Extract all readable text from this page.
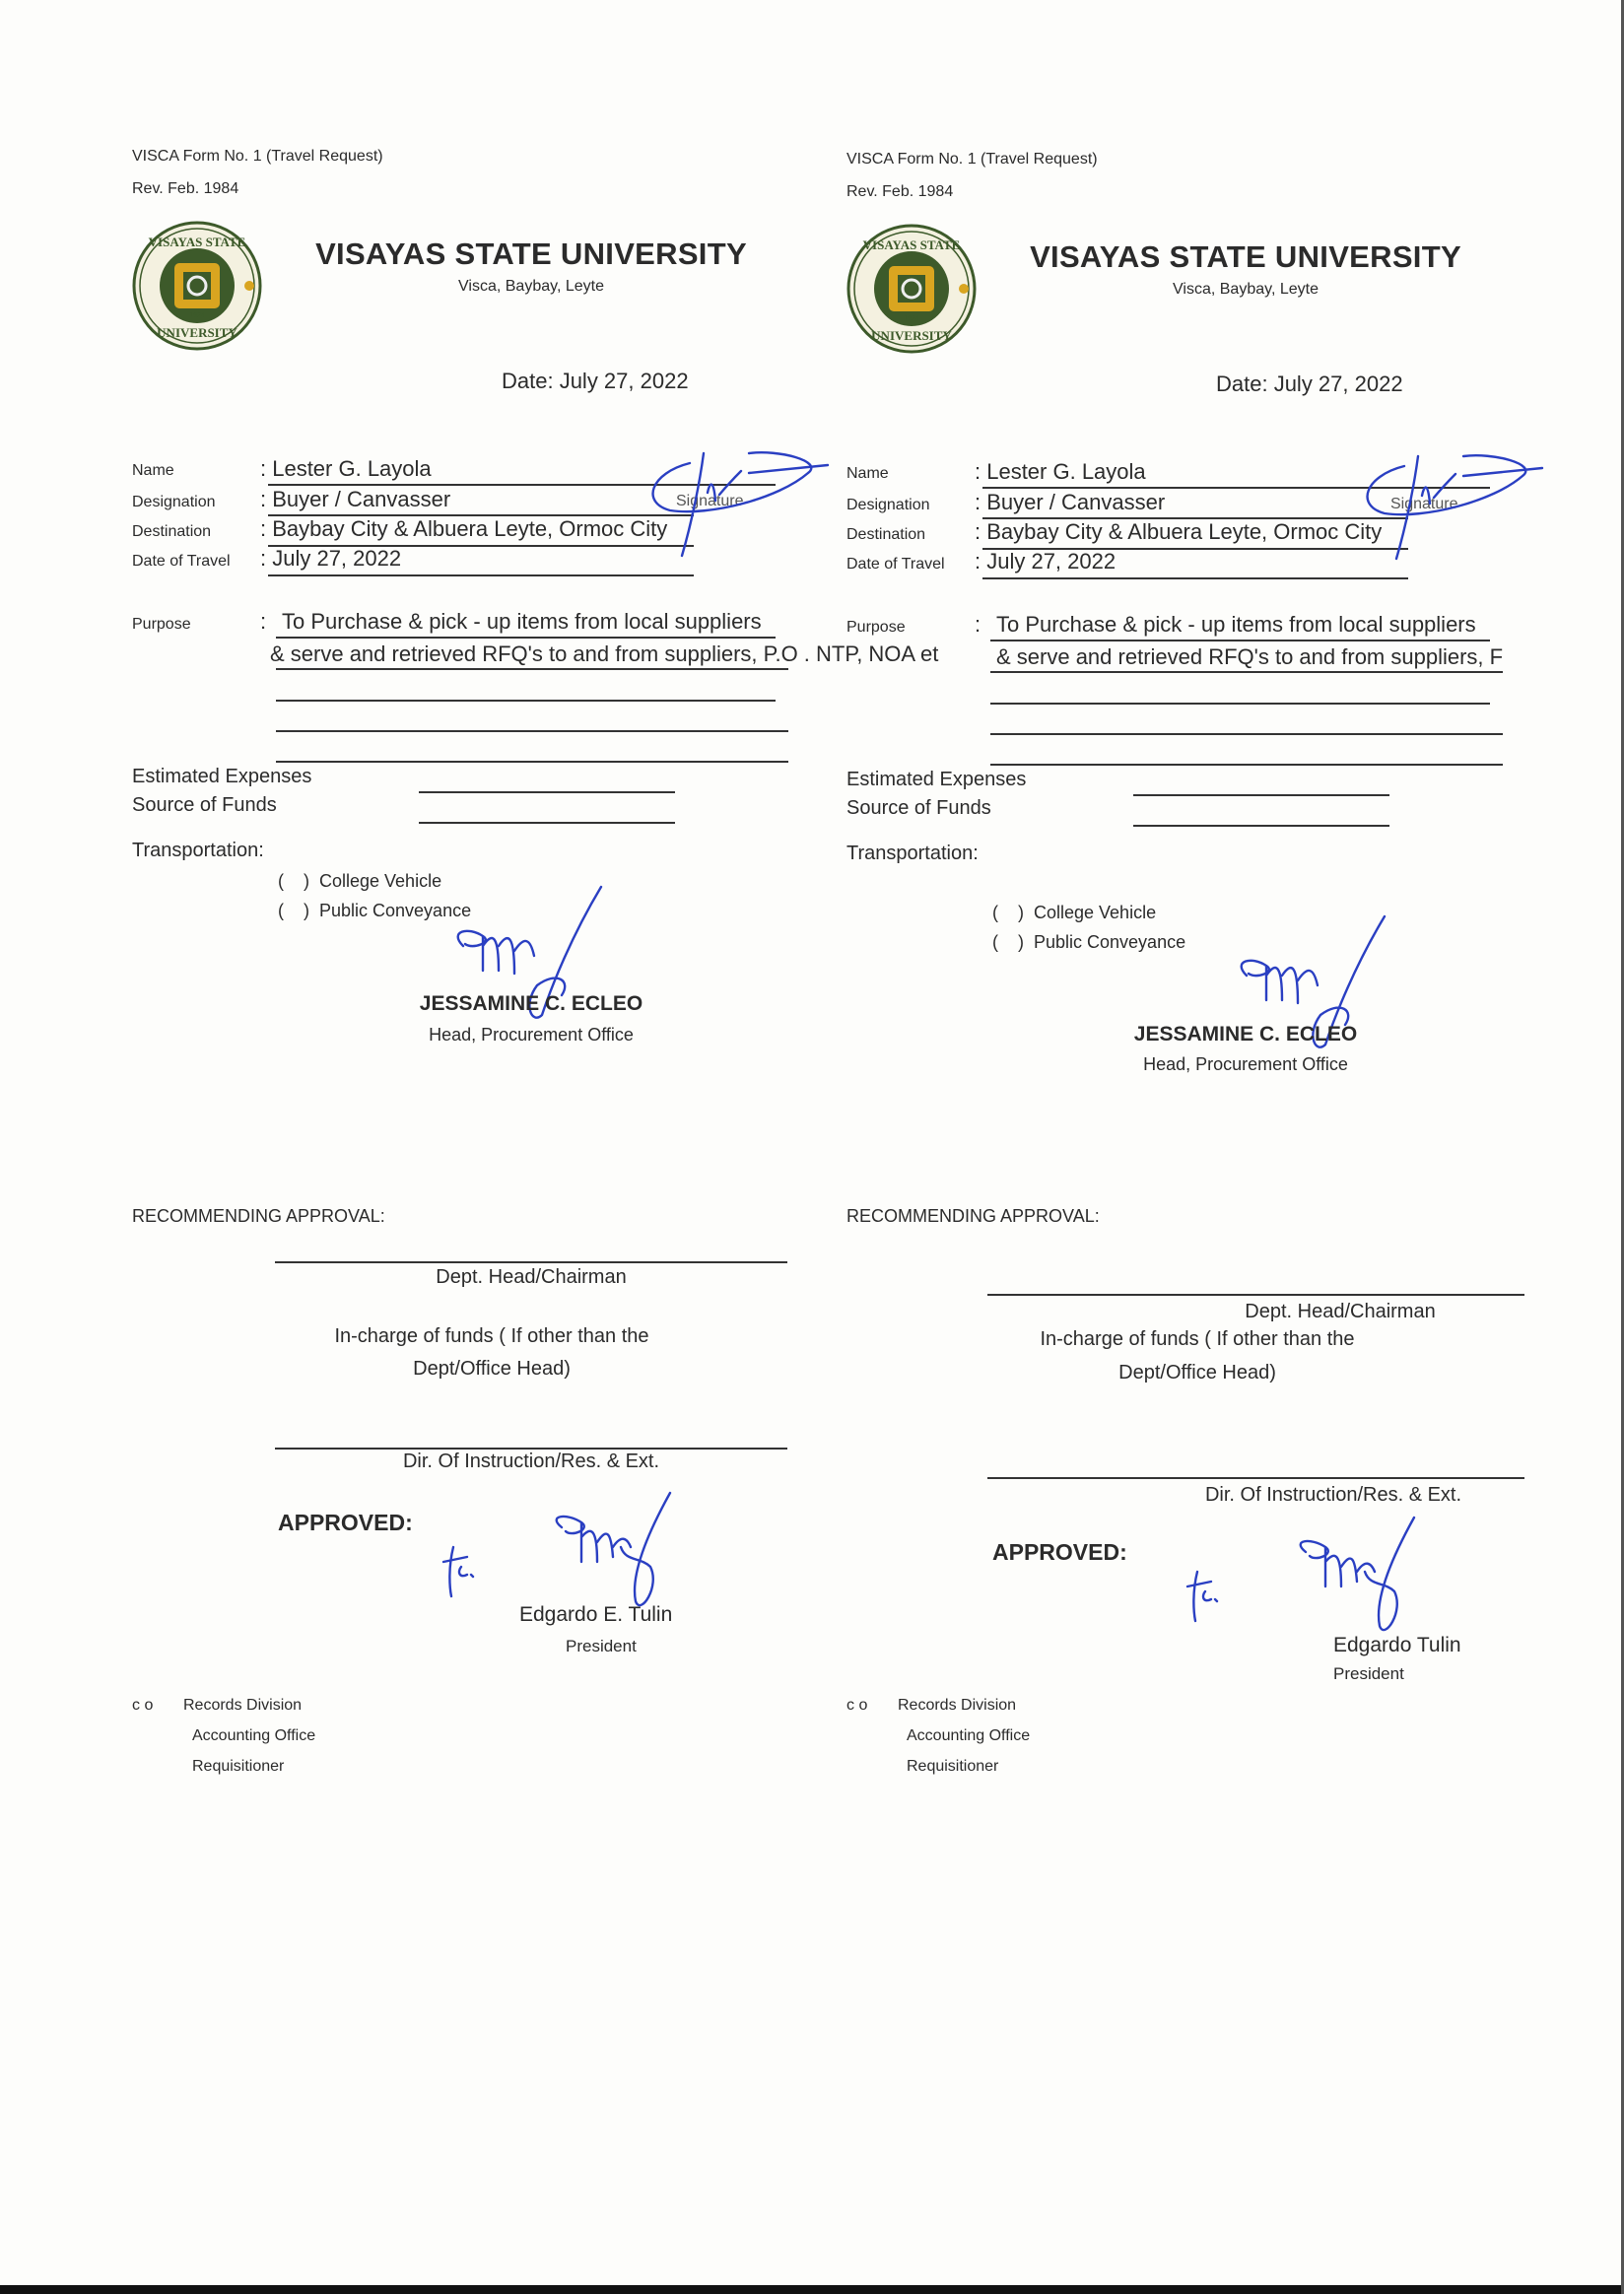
VISCA Form No. 1 (Travel Request)
Rev. Feb. 1984
VISAYAS STATE
UNIVERSITY
1924
VISAYAS STATE UNIVERSITY
Visca, Baybay, Leyte
Date: July 27, 2022
Name	: Lester G. Layola
Designation : Buyer / Canvasser	Signature
Destination : Baybay City & Albuera Leyte, Ormoc City
Date of Travel : July 27, 2022
Purpose	: To Purchase & pick - up items from local suppliers
& serve and retrieved RFQ's to and from suppliers, P.O . NTP, NOA et
Estimated Expenses
Source of Funds
Transportation:
(    )  College Vehicle
(    )  Public Conveyance
JESSAMINE C. ECLEO
Head, Procurement Office
RECOMMENDING APPROVAL:
Dept. Head/Chairman
In-charge of funds ( If other than the
Dept/Office Head)
Dir. Of Instruction/Res. & Ext.
APPROVED:
Edgardo E. Tulin
President
c o Records Division
Accounting Office
Requisitioner
VISCA Form No. 1 (Travel Request)
Rev. Feb. 1984
VISAYAS STATE
UNIVERSITY
1924
VISAYAS STATE UNIVERSITY
Visca, Baybay, Leyte
Date: July 27, 2022
Name	: Lester G. Layola
Designation : Buyer / Canvasser	Signature
Destination : Baybay City & Albuera Leyte, Ormoc City
Date of Travel : July 27, 2022
Purpose	: To Purchase & pick - up items from local suppliers
& serve and retrieved RFQ's to and from suppliers, F
Estimated Expenses
Source of Funds
Transportation:
(    )  College Vehicle
(    )  Public Conveyance
JESSAMINE C. ECLEO
Head, Procurement Office
RECOMMENDING APPROVAL:
Dept. Head/Chairman
In-charge of funds ( If other than the
Dept/Office Head)
Dir. Of Instruction/Res. & Ext.
APPROVED:
Edgardo Tulin
President
c o Records Division
Accounting Office
Requisitioner
